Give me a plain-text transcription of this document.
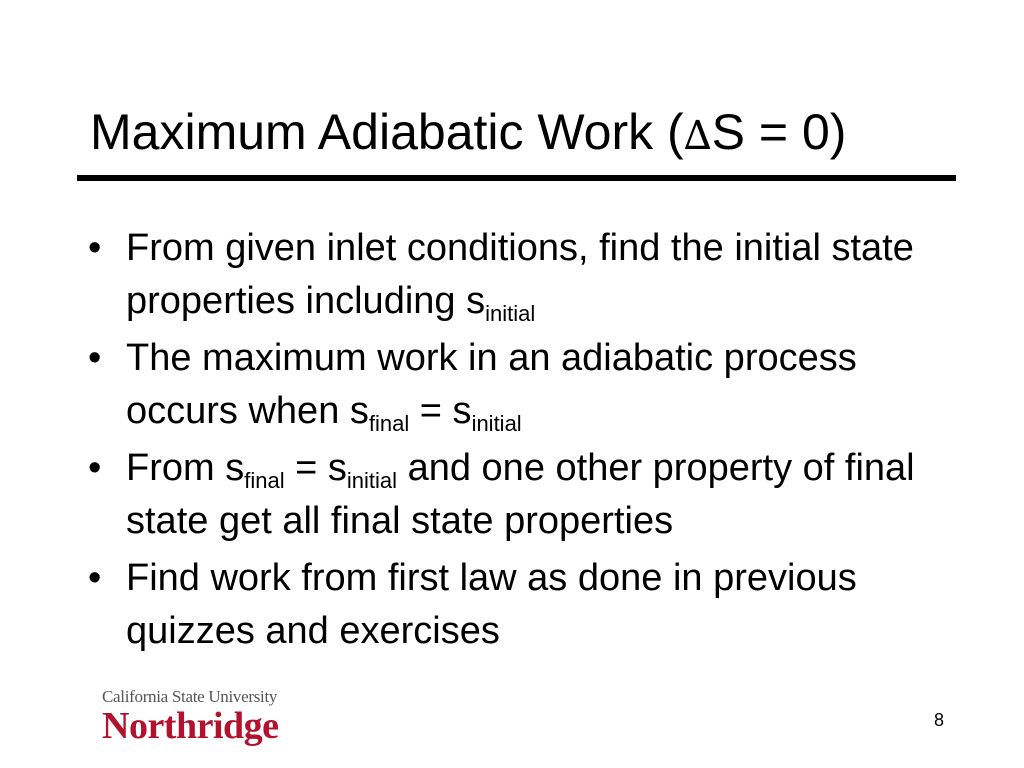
Maximum Adiabatic Work (∆S = 0)
• From given inlet conditions, find the initial state properties including $s_{initial}$
• The maximum work in an adiabatic process occurs when $s_{final} = s_{initial}$
• From $s_{final} = s_{initial}$ and one other property of final state get all final state properties
• Find work from first law as done in previous quizzes and exercises
California State University
Northridge	8
